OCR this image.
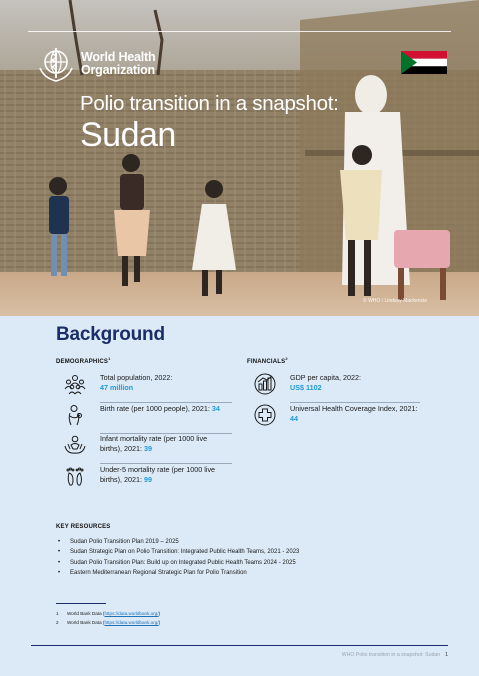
World Health
Organization
Polio transition in a snapshot:
Sudan
© WHO / Lindsay Mackenzie
Background
DEMOGRAPHICS$^1$
FINANCIALS$^2$
Total population, 2022:
47 million
Birth rate (per 1000 people), 2021: 34
Infant mortality rate (per 1000 live births), 2021: 39
Under-5 mortality rate (per 1000 live births), 2021: 99
GDP per capita, 2022:
US$ 1102
Universal Health Coverage Index, 2021: 44
KEY RESOURCES
• Sudan Polio Transition Plan 2019 – 2025
• Sudan Strategic Plan on Polio Transition: Integrated Public Health Teams, 2021 - 2023
• Sudan Polio Transition Plan: Build up on Integrated Public Health Teams 2024 - 2025
• Eastern Mediterranean Regional Strategic Plan for Polio Transition
1 World Bank Data (https://data.worldbank.org/)
2 World Bank Data (https://data.worldbank.org/)
WHO Polio transition in a snapshot: Sudan 1
